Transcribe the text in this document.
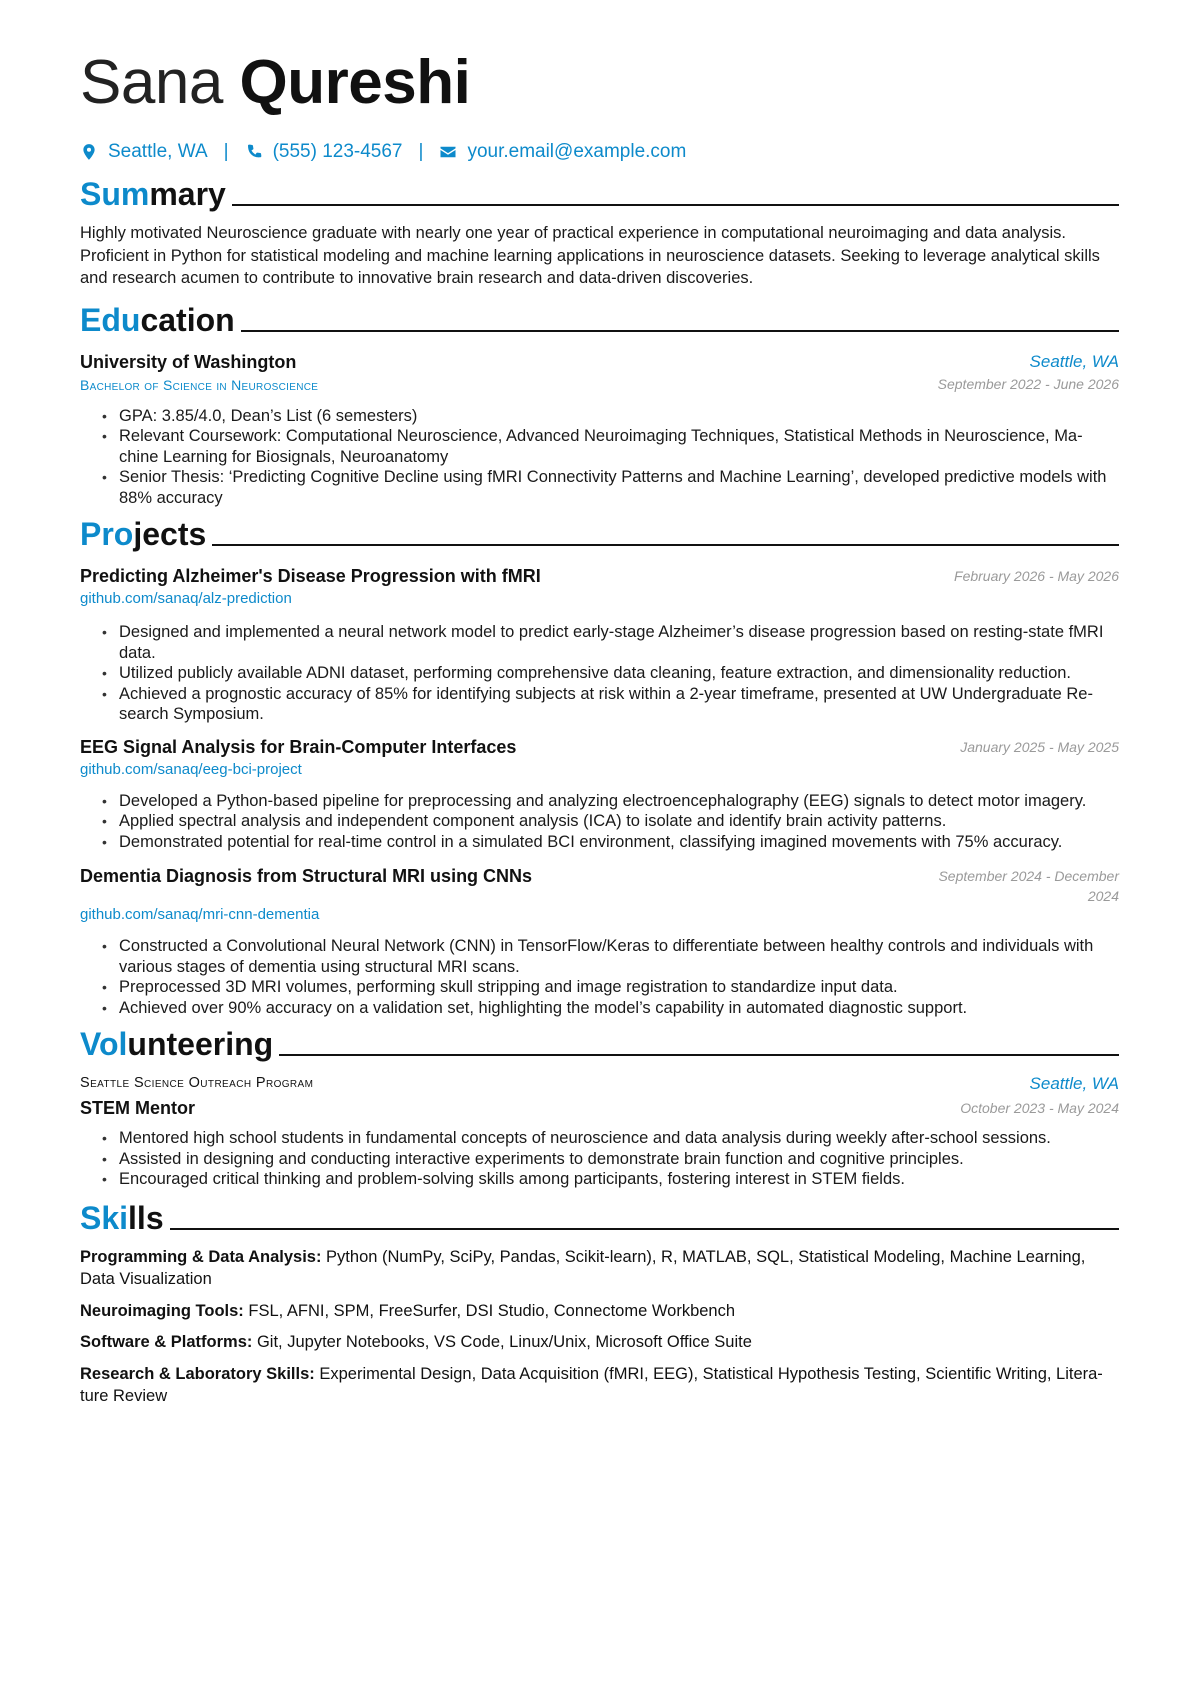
Sana Qureshi
Seattle, WA | (555) 123-4567 | your.email@example.com
Summary
Highly motivated Neuroscience graduate with nearly one year of practical experience in computational neuroimaging and data analysis. Proficient in Python for statistical modeling and machine learning applications in neuroscience datasets. Seeking to leverage analytical skills and research acumen to contribute to innovative brain research and data-driven discoveries.
Education
University of Washington	Seattle, WA
Bachelor of Science in Neuroscience	September 2022 - June 2026
• GPA: 3.85/4.0, Dean’s List (6 semesters)
• Relevant Coursework: Computational Neuroscience, Advanced Neuroimaging Techniques, Statistical Methods in Neuroscience, Ma-chine Learning for Biosignals, Neuroanatomy
• Senior Thesis: ‘Predicting Cognitive Decline using fMRI Connectivity Patterns and Machine Learning’, developed predictive models with 88% accuracy
Projects
Predicting Alzheimer's Disease Progression with fMRI	February 2026 - May 2026
github.com/sanaq/alz-prediction
• Designed and implemented a neural network model to predict early-stage Alzheimer’s disease progression based on resting-state fMRI data.
• Utilized publicly available ADNI dataset, performing comprehensive data cleaning, feature extraction, and dimensionality reduction.
• Achieved a prognostic accuracy of 85% for identifying subjects at risk within a 2-year timeframe, presented at UW Undergraduate Re-search Symposium.
EEG Signal Analysis for Brain-Computer Interfaces	January 2025 - May 2025
github.com/sanaq/eeg-bci-project
• Developed a Python-based pipeline for preprocessing and analyzing electroencephalography (EEG) signals to detect motor imagery.
• Applied spectral analysis and independent component analysis (ICA) to isolate and identify brain activity patterns.
• Demonstrated potential for real-time control in a simulated BCI environment, classifying imagined movements with 75% accuracy.
Dementia Diagnosis from Structural MRI using CNNs	September 2024 - December
2024
github.com/sanaq/mri-cnn-dementia
• Constructed a Convolutional Neural Network (CNN) in TensorFlow/Keras to differentiate between healthy controls and individuals with various stages of dementia using structural MRI scans.
• Preprocessed 3D MRI volumes, performing skull stripping and image registration to standardize input data.
• Achieved over 90% accuracy on a validation set, highlighting the model’s capability in automated diagnostic support.
Volunteering
Seattle Science Outreach Program	Seattle, WA
STEM Mentor	October 2023 - May 2024
• Mentored high school students in fundamental concepts of neuroscience and data analysis during weekly after-school sessions.
• Assisted in designing and conducting interactive experiments to demonstrate brain function and cognitive principles.
• Encouraged critical thinking and problem-solving skills among participants, fostering interest in STEM fields.
Skills
Programming & Data Analysis: Python (NumPy, SciPy, Pandas, Scikit-learn), R, MATLAB, SQL, Statistical Modeling, Machine Learning, Data Visualization
Neuroimaging Tools: FSL, AFNI, SPM, FreeSurfer, DSI Studio, Connectome Workbench
Software & Platforms: Git, Jupyter Notebooks, VS Code, Linux/Unix, Microsoft Office Suite
Research & Laboratory Skills: Experimental Design, Data Acquisition (fMRI, EEG), Statistical Hypothesis Testing, Scientific Writing, Litera-ture Review
